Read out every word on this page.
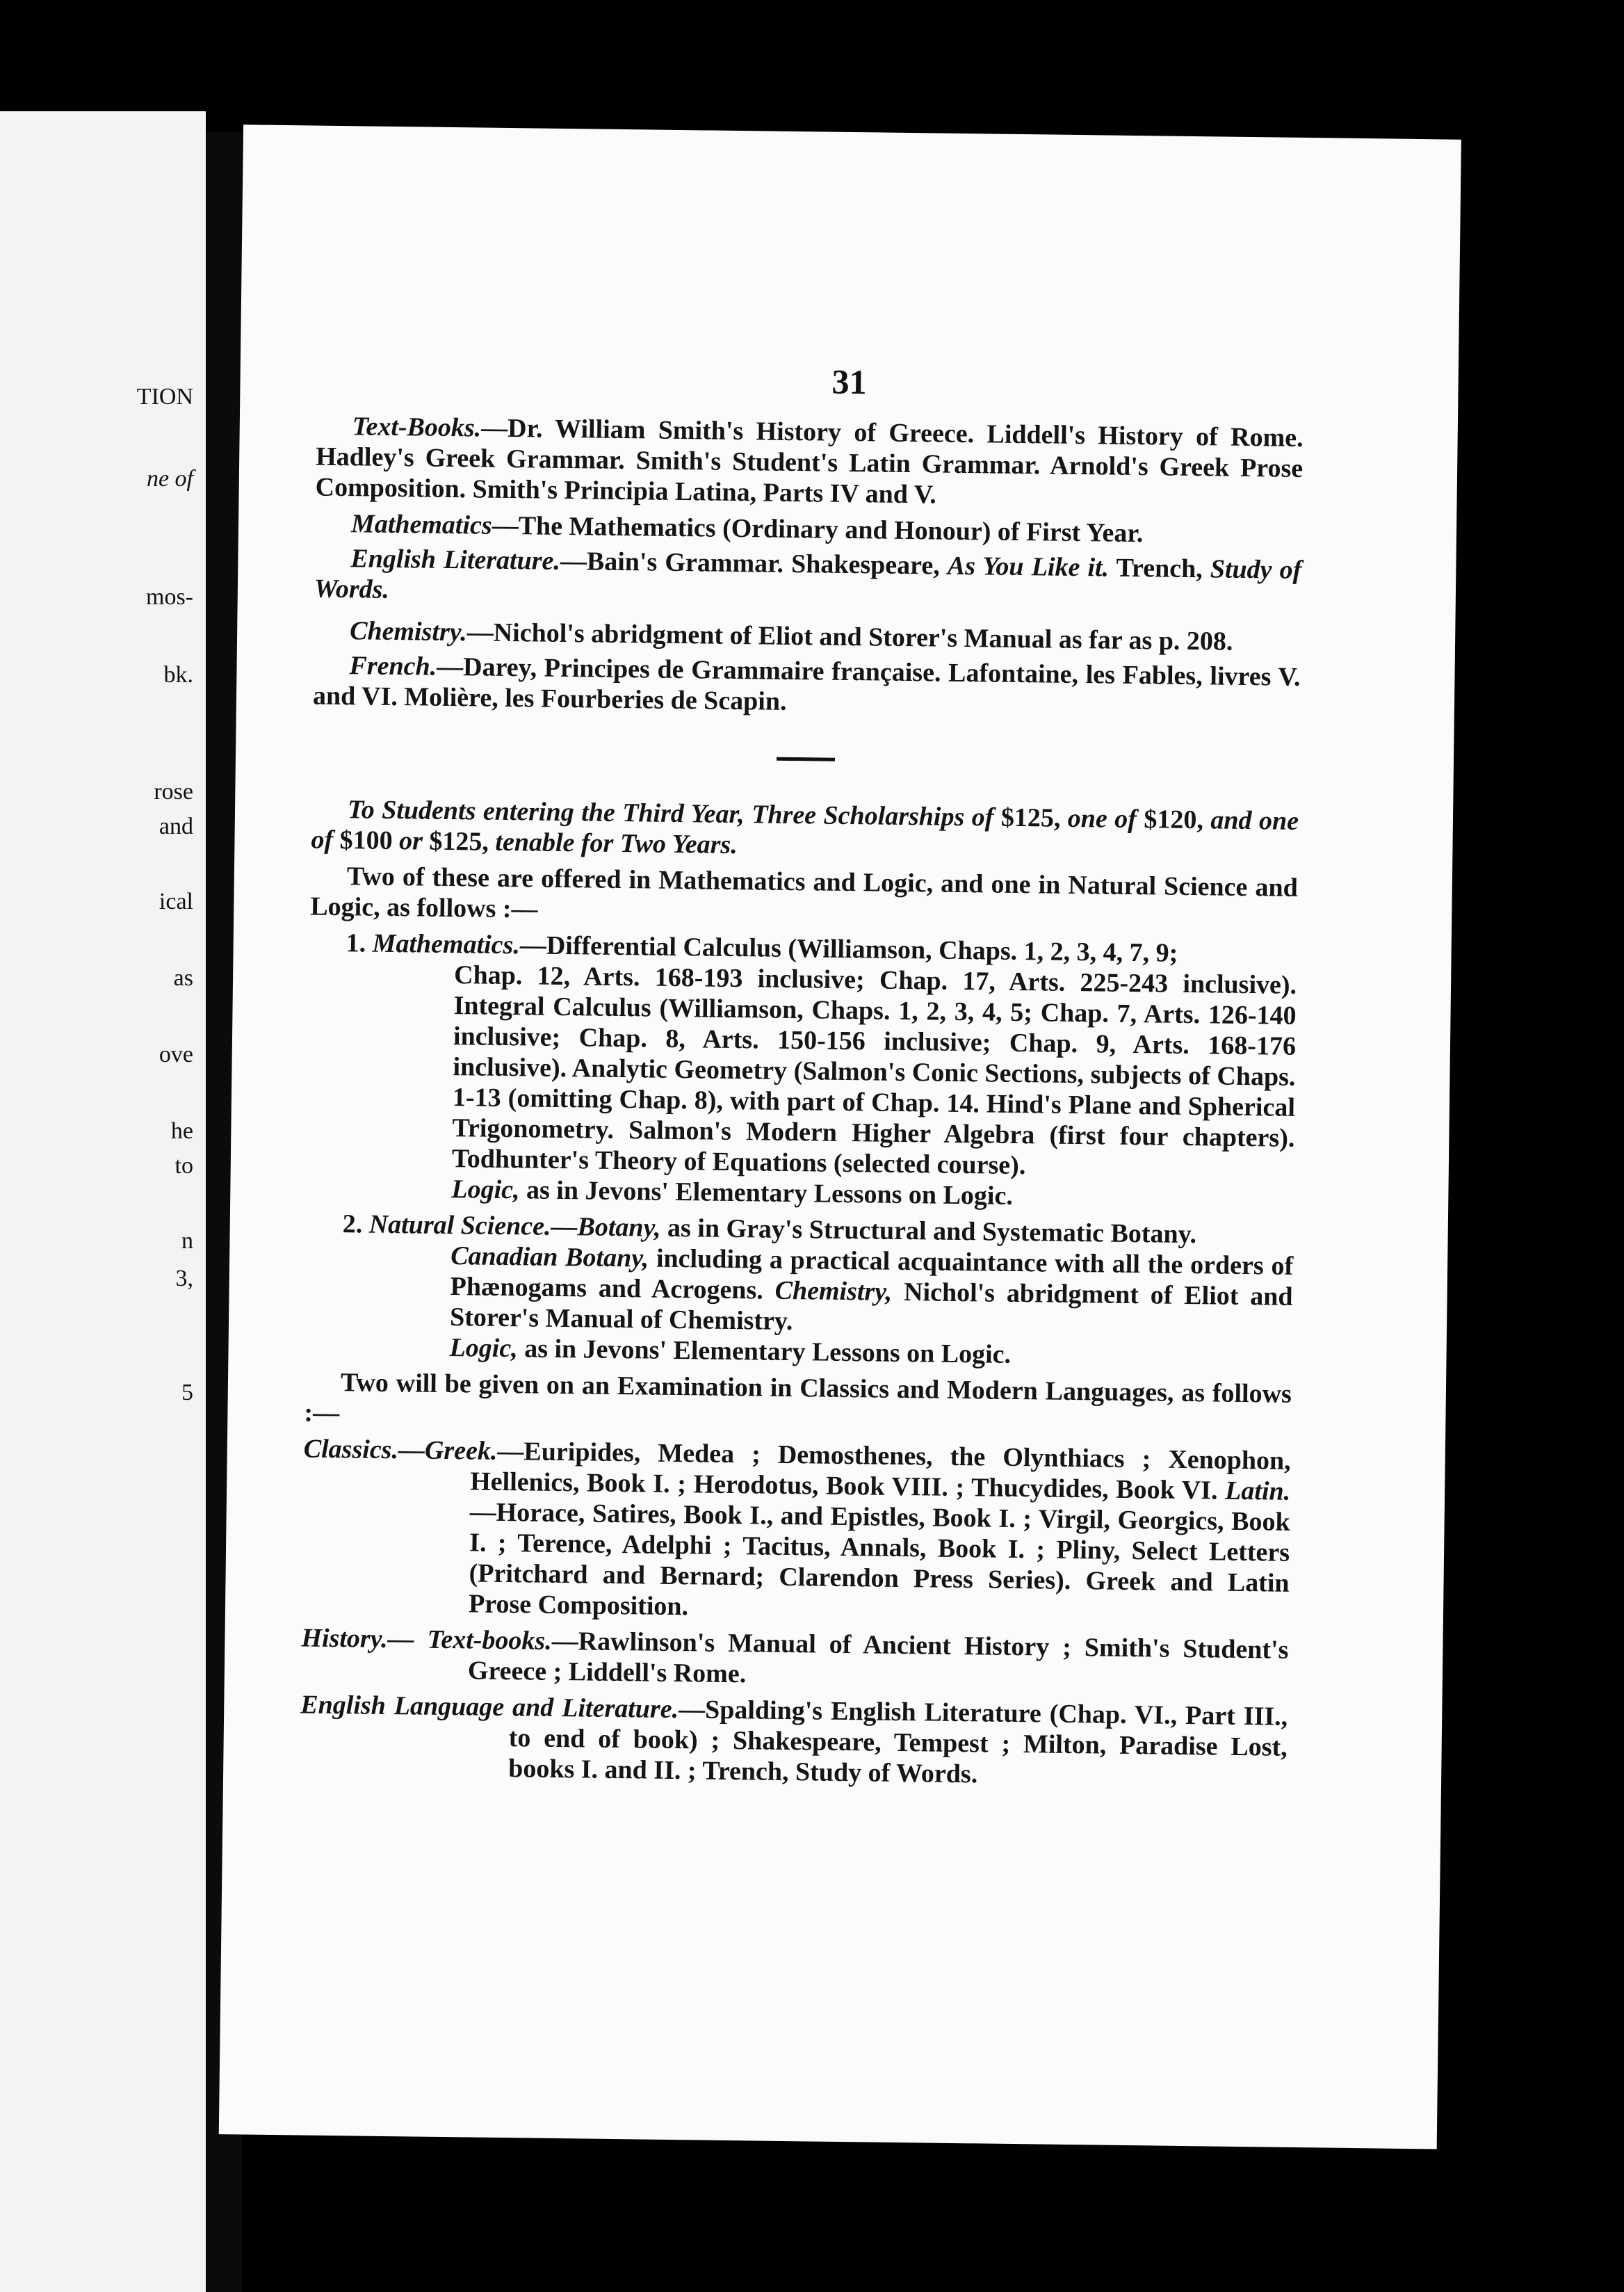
TION
ne of
mos-
bk.
rose
and
ical
as
ove
he
to
n
3,
5
31

Text-Books.—Dr. William Smith's History of Greece. Liddell's History of Rome. Hadley's Greek Grammar. Smith's Student's Latin Grammar. Arnold's Greek Prose Composition. Smith's Principia Latina, Parts IV and V.

Mathematics—The Mathematics (Ordinary and Honour) of First Year.

English Literature.—Bain's Grammar. Shakespeare, As You Like it. Trench, Study of Words.

Chemistry.—Nichol's abridgment of Eliot and Storer's Manual as far as p. 208.

French.—Darey, Principes de Grammaire française. Lafontaine, les Fables, livres V. and VI. Molière, les Fourberies de Scapin.

To Students entering the Third Year, Three Scholarships of $125, one of $120, and one of $100 or $125, tenable for Two Years.

Two of these are offered in Mathematics and Logic, and one in Natural Science and Logic, as follows :—

1. Mathematics.—Differential Calculus (Williamson, Chaps. 1, 2, 3, 4, 7, 9;
Chap. 12, Arts. 168-193 inclusive; Chap. 17, Arts. 225-243 inclusive). Integral Calculus (Williamson, Chaps. 1, 2, 3, 4, 5; Chap. 7, Arts. 126-140 inclusive; Chap. 8, Arts. 150-156 inclusive; Chap. 9, Arts. 168-176 inclusive). Analytic Geometry (Salmon's Conic Sections, subjects of Chaps. 1-13 (omitting Chap. 8), with part of Chap. 14. Hind's Plane and Spherical Trigonometry. Salmon's Modern Higher Algebra (first four chapters). Todhunter's Theory of Equations (selected course).
Logic, as in Jevons' Elementary Lessons on Logic.
2. Natural Science.—Botany, as in Gray's Structural and Systematic Botany.
Canadian Botany, including a practical acquaintance with all the orders of Phænogams and Acrogens. Chemistry, Nichol's abridgment of Eliot and Storer's Manual of Chemistry.
Logic, as in Jevons' Elementary Lessons on Logic.

Two will be given on an Examination in Classics and Modern Languages, as follows :—

Classics.—Greek.—Euripides, Medea ; Demosthenes, the Olynthiacs ; Xenophon, Hellenics, Book I. ; Herodotus, Book VIII. ; Thucydides, Book VI. Latin.—Horace, Satires, Book I., and Epistles, Book I. ; Virgil, Georgics, Book I. ; Terence, Adelphi ; Tacitus, Annals, Book I. ; Pliny, Select Letters (Pritchard and Bernard; Clarendon Press Series). Greek and Latin Prose Composition.

History.— Text-books.—Rawlinson's Manual of Ancient History ; Smith's Student's Greece ; Liddell's Rome.

English Language and Literature.—Spalding's English Literature (Chap. VI., Part III., to end of book) ; Shakespeare, Tempest ; Milton, Paradise Lost, books I. and II. ; Trench, Study of Words.
